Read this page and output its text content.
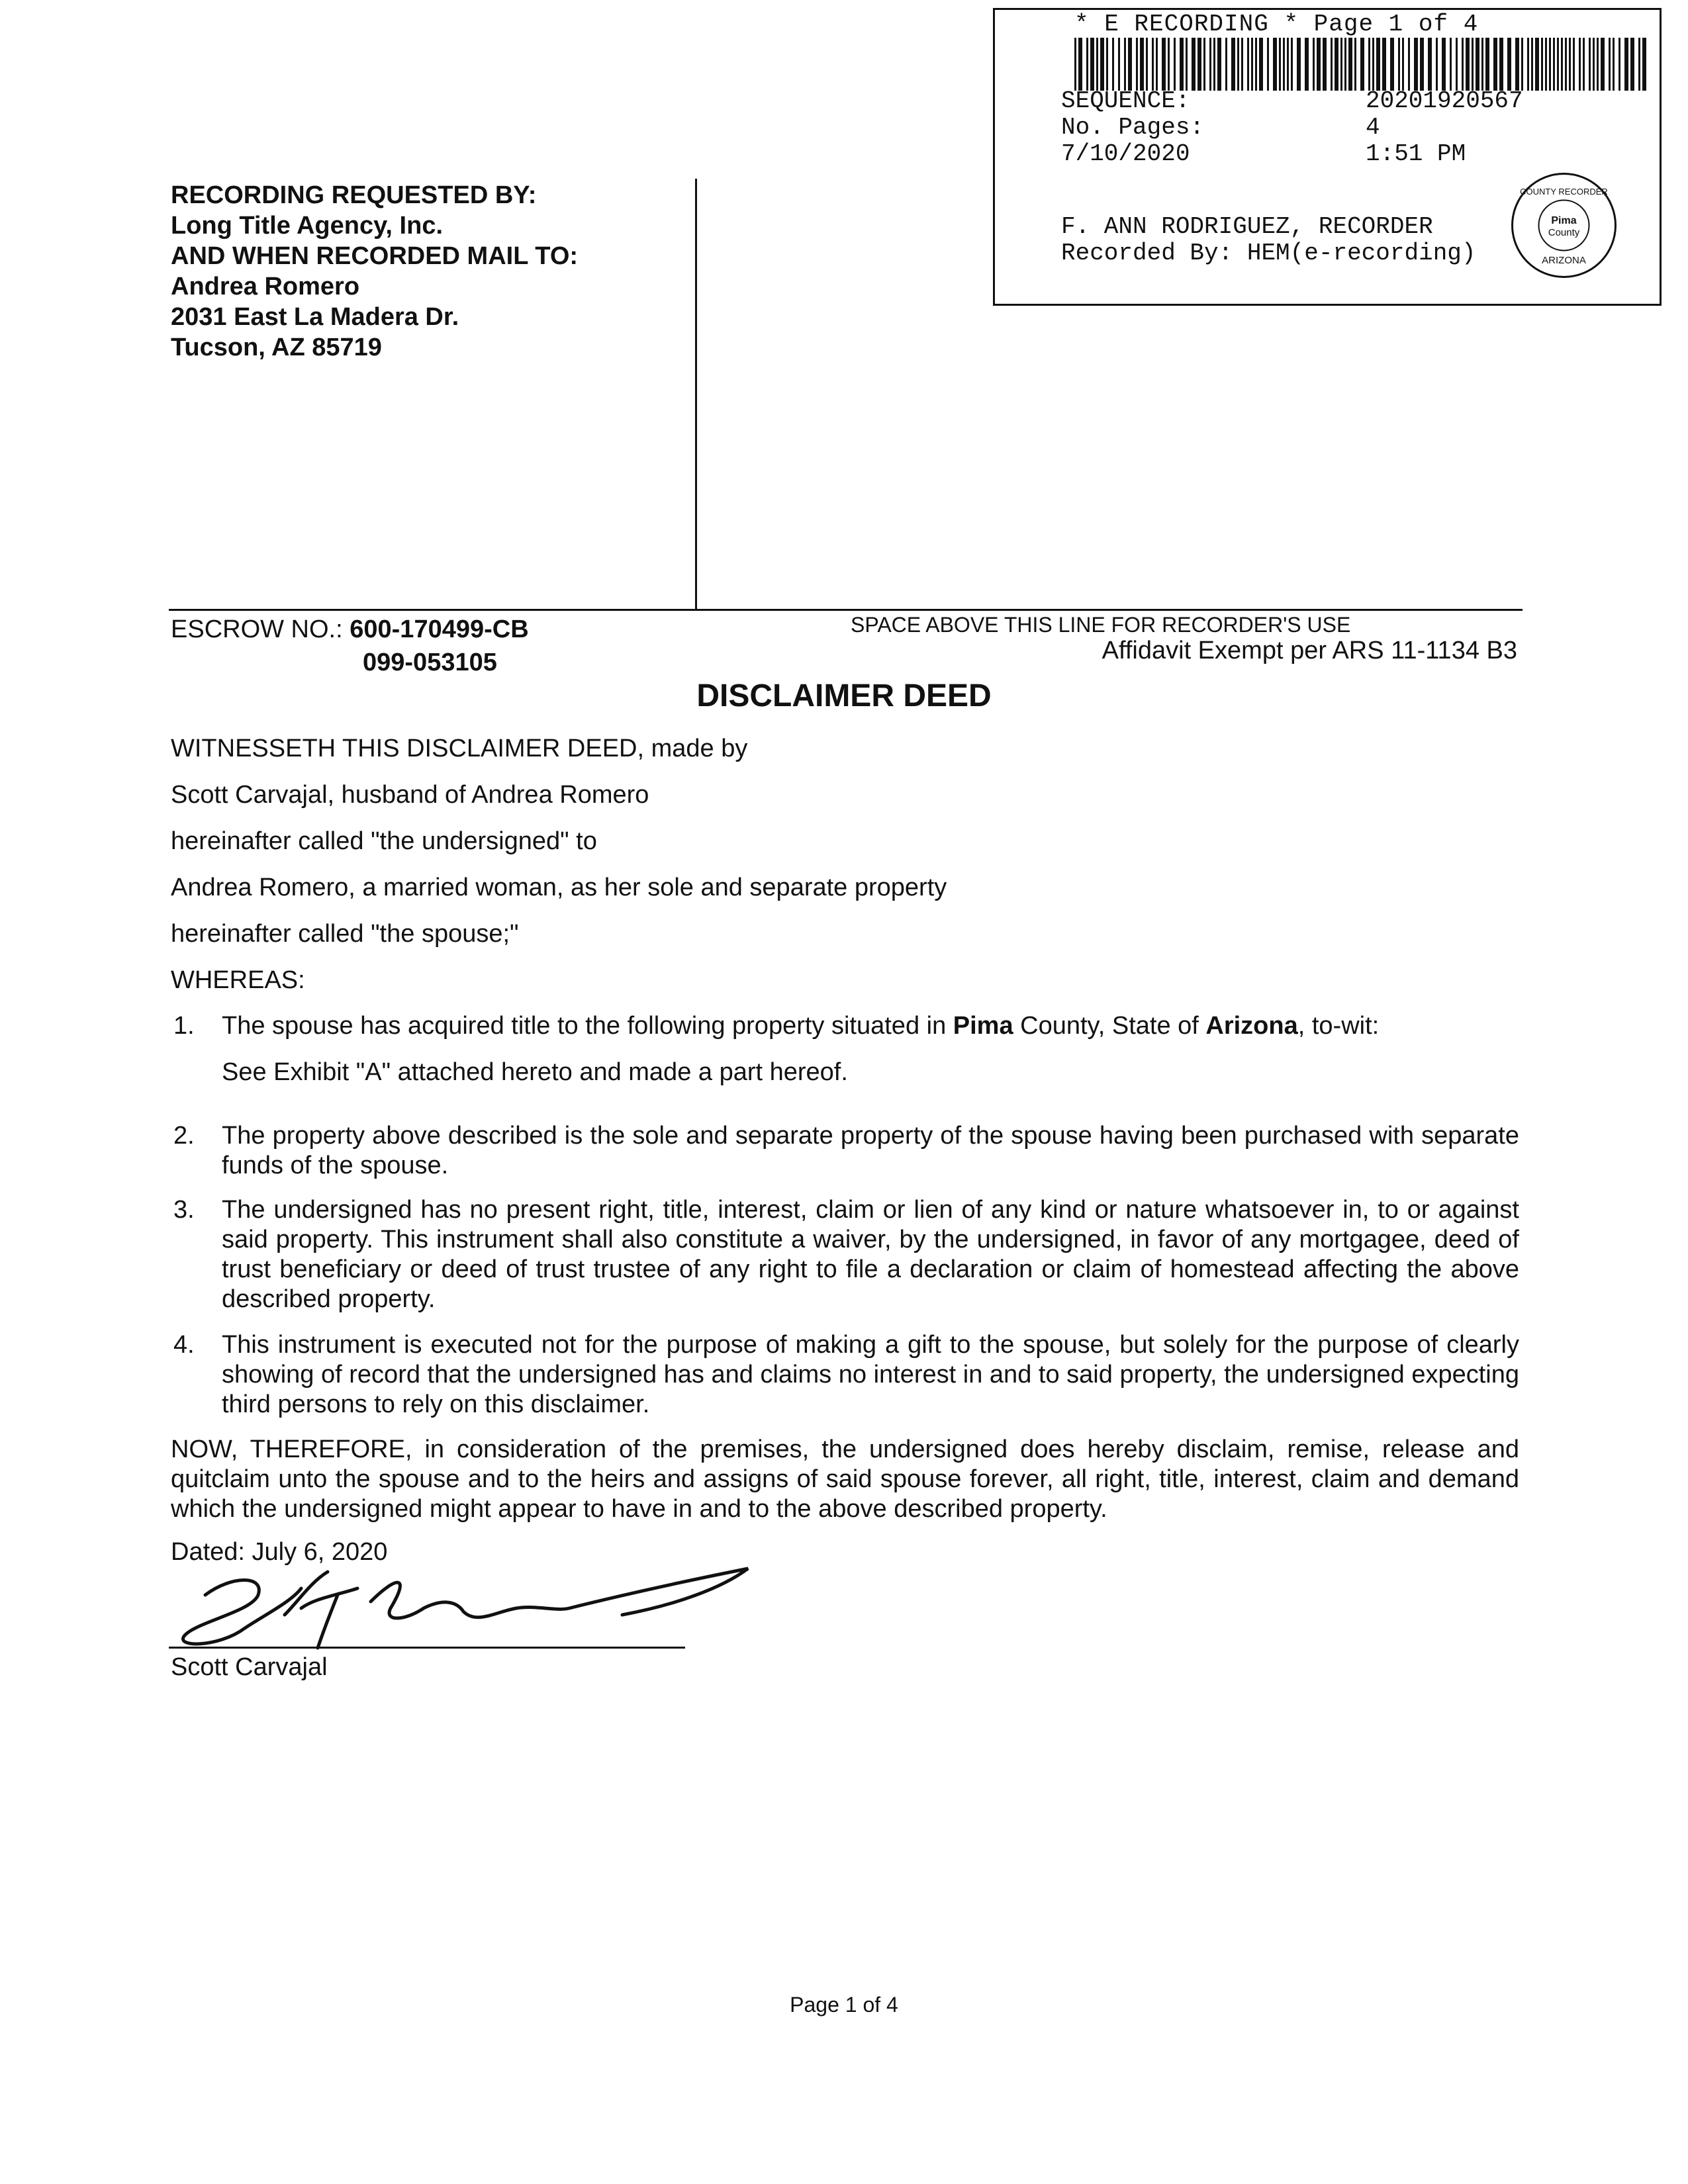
* E RECORDING * Page 1 of 4
SEQUENCE:	20201920567
No. Pages:	4
7/10/2020	1:51 PM
F. ANN RODRIGUEZ, RECORDER
Recorded By: HEM(e-recording)
Pima
County
COUNTY RECORDER
ARIZONA
RECORDING REQUESTED BY:
Long Title Agency, Inc.
AND WHEN RECORDED MAIL TO:
Andrea Romero
2031 East La Madera Dr.
Tucson, AZ 85719
ESCROW NO.: 600-170499-CB
099-053105
SPACE ABOVE THIS LINE FOR RECORDER'S USE
Affidavit Exempt per ARS 11-1134 B3
DISCLAIMER DEED
WITNESSETH THIS DISCLAIMER DEED, made by
Scott Carvajal, husband of Andrea Romero
hereinafter called "the undersigned" to
Andrea Romero, a married woman, as her sole and separate property
hereinafter called "the spouse;"
WHEREAS:
1. The spouse has acquired title to the following property situated in Pima County, State of Arizona, to-wit:
See Exhibit "A" attached hereto and made a part hereof.
2. The property above described is the sole and separate property of the spouse having been purchased with separate funds of the spouse.
3. The undersigned has no present right, title, interest, claim or lien of any kind or nature whatsoever in, to or against said property. This instrument shall also constitute a waiver, by the undersigned, in favor of any mortgagee, deed of trust beneficiary or deed of trust trustee of any right to file a declaration or claim of homestead affecting the above described property.
4. This instrument is executed not for the purpose of making a gift to the spouse, but solely for the purpose of clearly showing of record that the undersigned has and claims no interest in and to said property, the undersigned expecting third persons to rely on this disclaimer.
NOW, THEREFORE, in consideration of the premises, the undersigned does hereby disclaim, remise, release and quitclaim unto the spouse and to the heirs and assigns of said spouse forever, all right, title, interest, claim and demand which the undersigned might appear to have in and to the above described property.
Dated: July 6, 2020
Scott Carvajal
Page 1 of 4
